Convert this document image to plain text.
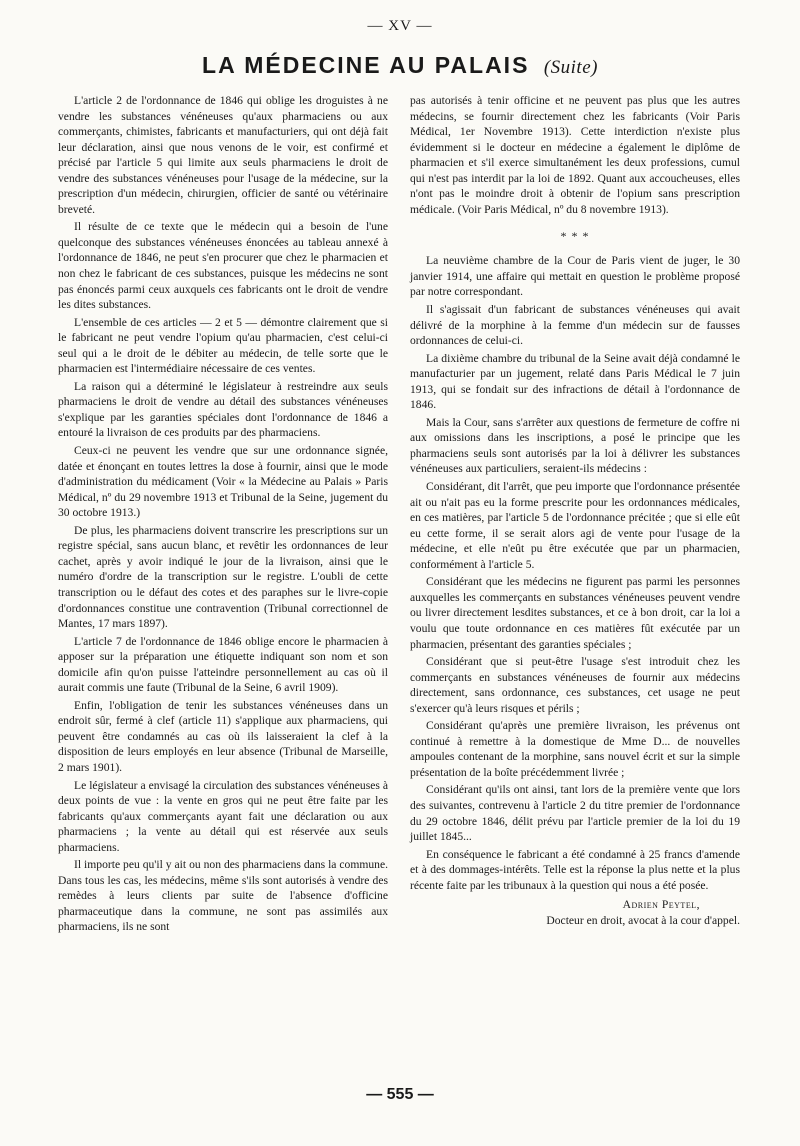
— XV —
LA MÉDECINE AU PALAIS (Suite)

L'article 2 de l'ordonnance de 1846 qui oblige les droguistes à ne vendre les substances vénéneuses qu'aux pharmaciens ou aux commerçants, chimistes, fabricants et manufacturiers, qui ont déjà fait leur déclaration, ainsi que nous venons de le voir, est confirmé et précisé par l'article 5 qui limite aux seuls pharmaciens le droit de vendre des substances vénéneuses pour l'usage de la médecine, sur la prescription d'un médecin, chirurgien, officier de santé ou vétérinaire breveté.

Il résulte de ce texte que le médecin qui a besoin de l'une quelconque des substances vénéneuses énoncées au tableau annexé à l'ordonnance de 1846, ne peut s'en procurer que chez le pharmacien et non chez le fabricant de ces substances, puisque les médecins ne sont pas énoncés parmi ceux auxquels ces fabricants ont le droit de vendre les dites substances.

L'ensemble de ces articles — 2 et 5 — démontre clairement que si le fabricant ne peut vendre l'opium qu'au pharmacien, c'est celui-ci seul qui a le droit de le débiter au médecin, de telle sorte que le pharmacien est l'intermédiaire nécessaire de ces ventes.

La raison qui a déterminé le législateur à restreindre aux seuls pharmaciens le droit de vendre au détail des substances vénéneuses s'explique par les garanties spéciales dont l'ordonnance de 1846 a entouré la livraison de ces produits par des pharmaciens.

Ceux-ci ne peuvent les vendre que sur une ordonnance signée, datée et énonçant en toutes lettres la dose à fournir, ainsi que le mode d'administration du médicament (Voir « la Médecine au Palais » Paris Médical, nº du 29 novembre 1913 et Tribunal de la Seine, jugement du 30 octobre 1913.)

De plus, les pharmaciens doivent transcrire les prescriptions sur un registre spécial, sans aucun blanc, et revêtir les ordonnances de leur cachet, après y avoir indiqué le jour de la livraison, ainsi que le numéro d'ordre de la transcription sur le registre. L'oubli de cette transcription ou le défaut des cotes et des paraphes sur le livre-copie d'ordonnances constitue une contravention (Tribunal correctionnel de Mantes, 17 mars 1897).

L'article 7 de l'ordonnance de 1846 oblige encore le pharmacien à apposer sur la préparation une étiquette indiquant son nom et son domicile afin qu'on puisse l'atteindre personnellement au cas où il aurait commis une faute (Tribunal de la Seine, 6 avril 1909).

Enfin, l'obligation de tenir les substances vénéneuses dans un endroit sûr, fermé à clef (article 11) s'applique aux pharmaciens, qui peuvent être condamnés au cas où ils laisseraient la clef à la disposition de leurs employés en leur absence (Tribunal de Marseille, 2 mars 1901).

Le législateur a envisagé la circulation des substances vénéneuses à deux points de vue : la vente en gros qui ne peut être faite par les fabricants qu'aux commerçants ayant fait une déclaration ou aux pharmaciens ; la vente au détail qui est réservée aux seuls pharmaciens.

Il importe peu qu'il y ait ou non des pharmaciens dans la commune. Dans tous les cas, les médecins, même s'ils sont autorisés à vendre des remèdes à leurs clients par suite de l'absence d'officine pharmaceutique dans la commune, ne sont pas assimilés aux pharmaciens, ils ne sont

pas autorisés à tenir officine et ne peuvent pas plus que les autres médecins, se fournir directement chez les fabricants (Voir Paris Médical, 1er Novembre 1913). Cette interdiction n'existe plus évidemment si le docteur en médecine a également le diplôme de pharmacien et s'il exerce simultanément les deux professions, cumul qui n'est pas interdit par la loi de 1892. Quant aux accoucheuses, elles n'ont pas le moindre droit à obtenir de l'opium sans prescription médicale. (Voir Paris Médical, nº du 8 novembre 1913).

* * *

La neuvième chambre de la Cour de Paris vient de juger, le 30 janvier 1914, une affaire qui mettait en question le problème proposé par notre correspondant.

Il s'agissait d'un fabricant de substances vénéneuses qui avait délivré de la morphine à la femme d'un médecin sur de fausses ordonnances de celui-ci.

La dixième chambre du tribunal de la Seine avait déjà condamné le manufacturier par un jugement, relaté dans Paris Médical le 7 juin 1913, qui se fondait sur des infractions de détail à l'ordonnance de 1846.

Mais la Cour, sans s'arrêter aux questions de fermeture de coffre ni aux omissions dans les inscriptions, a posé le principe que les pharmaciens seuls sont autorisés par la loi à délivrer les substances vénéneuses aux particuliers, seraient-ils médecins :

Considérant, dit l'arrêt, que peu importe que l'ordonnance présentée ait ou n'ait pas eu la forme prescrite pour les ordonnances médicales, en ces matières, par l'article 5 de l'ordonnance précitée ; que si elle eût eu cette forme, il se serait alors agi de vente pour l'usage de la médecine, et elle n'eût pu être exécutée que par un pharmacien, conformément à l'article 5.

Considérant que les médecins ne figurent pas parmi les personnes auxquelles les commerçants en substances vénéneuses peuvent vendre ou livrer directement lesdites substances, et ce à bon droit, car la loi a voulu que toute ordonnance en ces matières fût exécutée par un pharmacien, présentant des garanties spéciales ;

Considérant que si peut-être l'usage s'est introduit chez les commerçants en substances vénéneuses de fournir aux médecins directement, sans ordonnance, ces substances, cet usage ne peut s'exercer qu'à leurs risques et périls ;

Considérant qu'après une première livraison, les prévenus ont continué à remettre à la domestique de Mme D... de nouvelles ampoules contenant de la morphine, sans nouvel écrit et sur la simple présentation de la boîte précédemment livrée ;

Considérant qu'ils ont ainsi, tant lors de la première vente que lors des suivantes, contrevenu à l'article 2 du titre premier de l'ordonnance du 29 octobre 1846, délit prévu par l'article premier de la loi du 19 juillet 1845...

En conséquence le fabricant a été condamné à 25 francs d'amende et à des dommages-intérêts. Telle est la réponse la plus nette et la plus récente faite par les tribunaux à la question qui nous a été posée.

Adrien Peytel,
Docteur en droit, avocat à la cour d'appel.
— 555 —
